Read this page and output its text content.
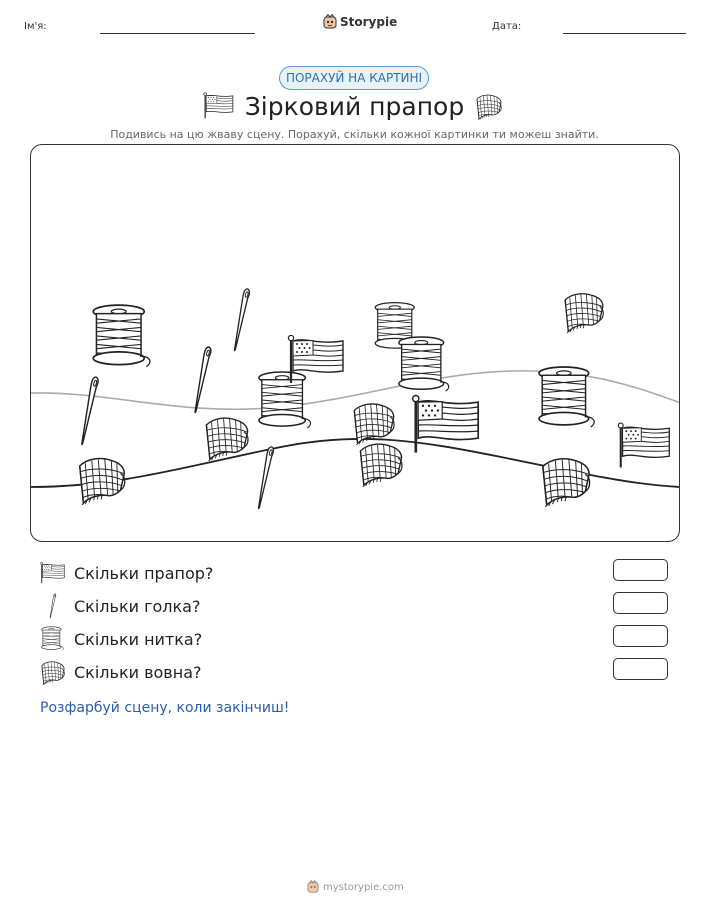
Ім'я:	Storypie	Дата:
ПОРАХУЙ НА КАРТИНІ
Зірковий прапор
Подивись на цю жваву сцену. Порахуй, скільки кожної картинки ти можеш знайти.
Скільки прапор?
Скільки голка?
Скільки нитка?
Скільки вовна?
Розфарбуй сцену, коли закінчиш!
mystorypie.com
